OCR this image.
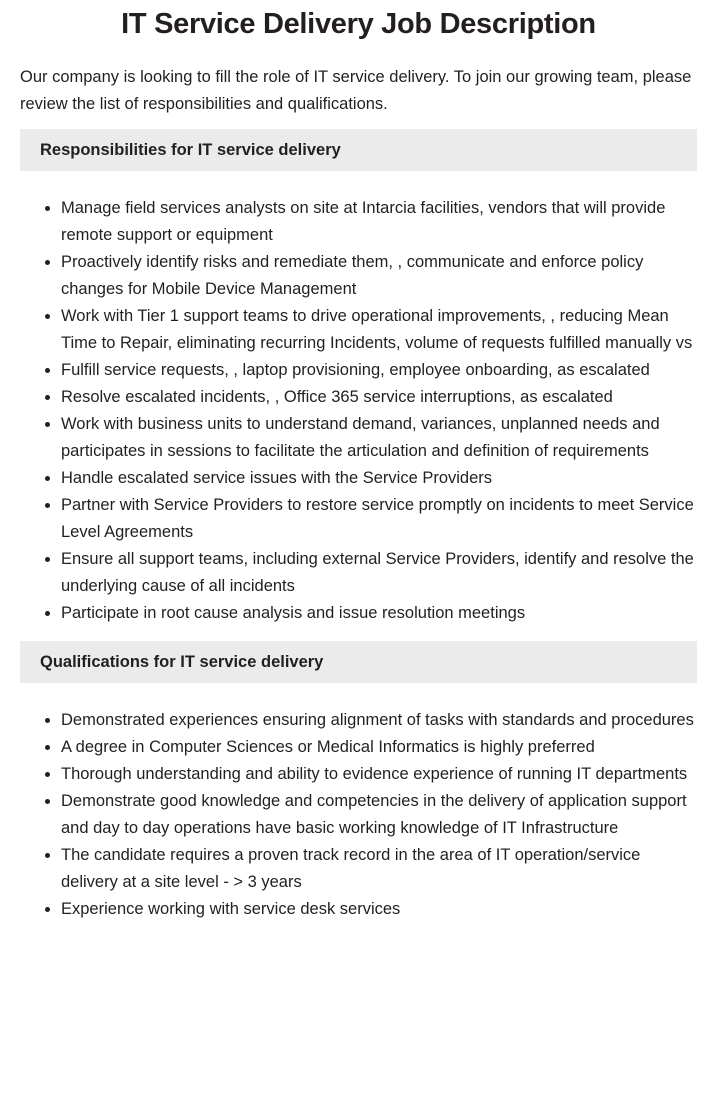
IT Service Delivery Job Description

Our company is looking to fill the role of IT service delivery. To join our growing team, please review the list of responsibilities and qualifications.

Responsibilities for IT service delivery
• Manage field services analysts on site at Intarcia facilities, vendors that will provide remote support or equipment
• Proactively identify risks and remediate them, , communicate and enforce policy changes for Mobile Device Management
• Work with Tier 1 support teams to drive operational improvements, , reducing Mean Time to Repair, eliminating recurring Incidents, volume of requests fulfilled manually vs
• Fulfill service requests, , laptop provisioning, employee onboarding, as escalated
• Resolve escalated incidents, , Office 365 service interruptions, as escalated
• Work with business units to understand demand, variances, unplanned needs and participates in sessions to facilitate the articulation and definition of requirements
• Handle escalated service issues with the Service Providers
• Partner with Service Providers to restore service promptly on incidents to meet Service Level Agreements
• Ensure all support teams, including external Service Providers, identify and resolve the underlying cause of all incidents
• Participate in root cause analysis and issue resolution meetings
Qualifications for IT service delivery
• Demonstrated experiences ensuring alignment of tasks with standards and procedures
• A degree in Computer Sciences or Medical Informatics is highly preferred
• Thorough understanding and ability to evidence experience of running IT departments
• Demonstrate good knowledge and competencies in the delivery of application support and day to day operations have basic working knowledge of IT Infrastructure
• The candidate requires a proven track record in the area of IT operation/service delivery at a site level - > 3 years
• Experience working with service desk services
